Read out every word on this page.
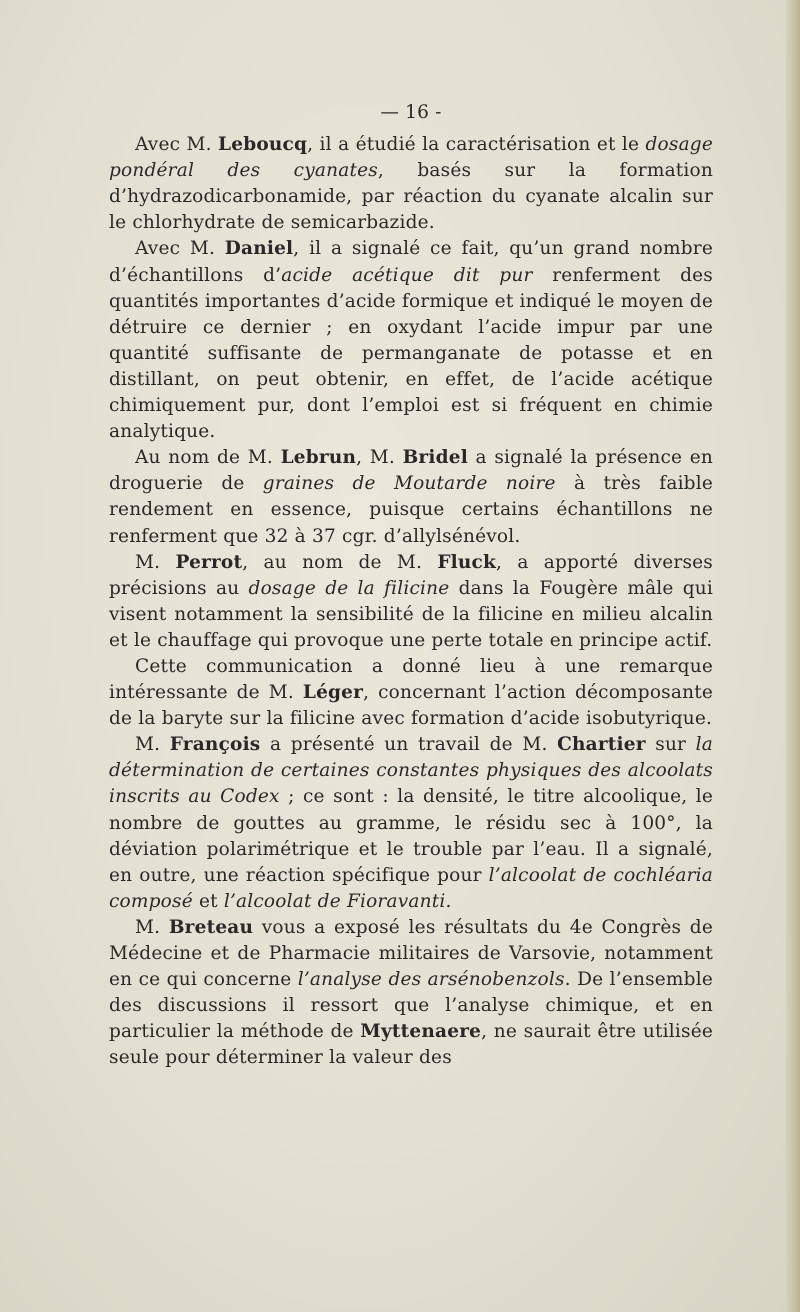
— 16 -

Avec M. Leboucq, il a étudié la caractérisation et le dosage pondéral des cyanates, basés sur la formation d’hydrazodicarbonamide, par réaction du cyanate alcalin sur le chlorhydrate de semicarbazide.

Avec M. Daniel, il a signalé ce fait, qu’un grand nombre d’échantillons d’acide acétique dit pur renferment des quantités importantes d’acide formique et indiqué le moyen de détruire ce dernier ; en oxydant l’acide impur par une quantité suffisante de permanganate de potasse et en distillant, on peut obtenir, en effet, de l’acide acétique chimiquement pur, dont l’emploi est si fréquent en chimie analytique.

Au nom de M. Lebrun, M. Bridel a signalé la présence en droguerie de graines de Moutarde noire à très faible rendement en essence, puisque certains échantillons ne renferment que 32 à 37 cgr. d’allylsénévol.

M. Perrot, au nom de M. Fluck, a apporté diverses précisions au dosage de la filicine dans la Fougère mâle qui visent notamment la sensibilité de la filicine en milieu alcalin et le chauffage qui provoque une perte totale en principe actif.

Cette communication a donné lieu à une remarque intéressante de M. Léger, concernant l’action décomposante de la baryte sur la filicine avec formation d’acide isobutyrique.

M. François a présenté un travail de M. Chartier sur la détermination de certaines constantes physiques des alcoolats inscrits au Codex ; ce sont : la densité, le titre alcoolique, le nombre de gouttes au gramme, le résidu sec à 100°, la déviation polarimétrique et le trouble par l’eau. Il a signalé, en outre, une réaction spécifique pour l’alcoolat de cochléaria composé et l’alcoolat de Fioravanti.

M. Breteau vous a exposé les résultats du 4e Congrès de Médecine et de Pharmacie militaires de Varsovie, notamment en ce qui concerne l’analyse des arsénobenzols. De l’ensemble des discussions il ressort que l’analyse chimique, et en particulier la méthode de Myttenaere, ne saurait être utilisée seule pour déterminer la valeur des
